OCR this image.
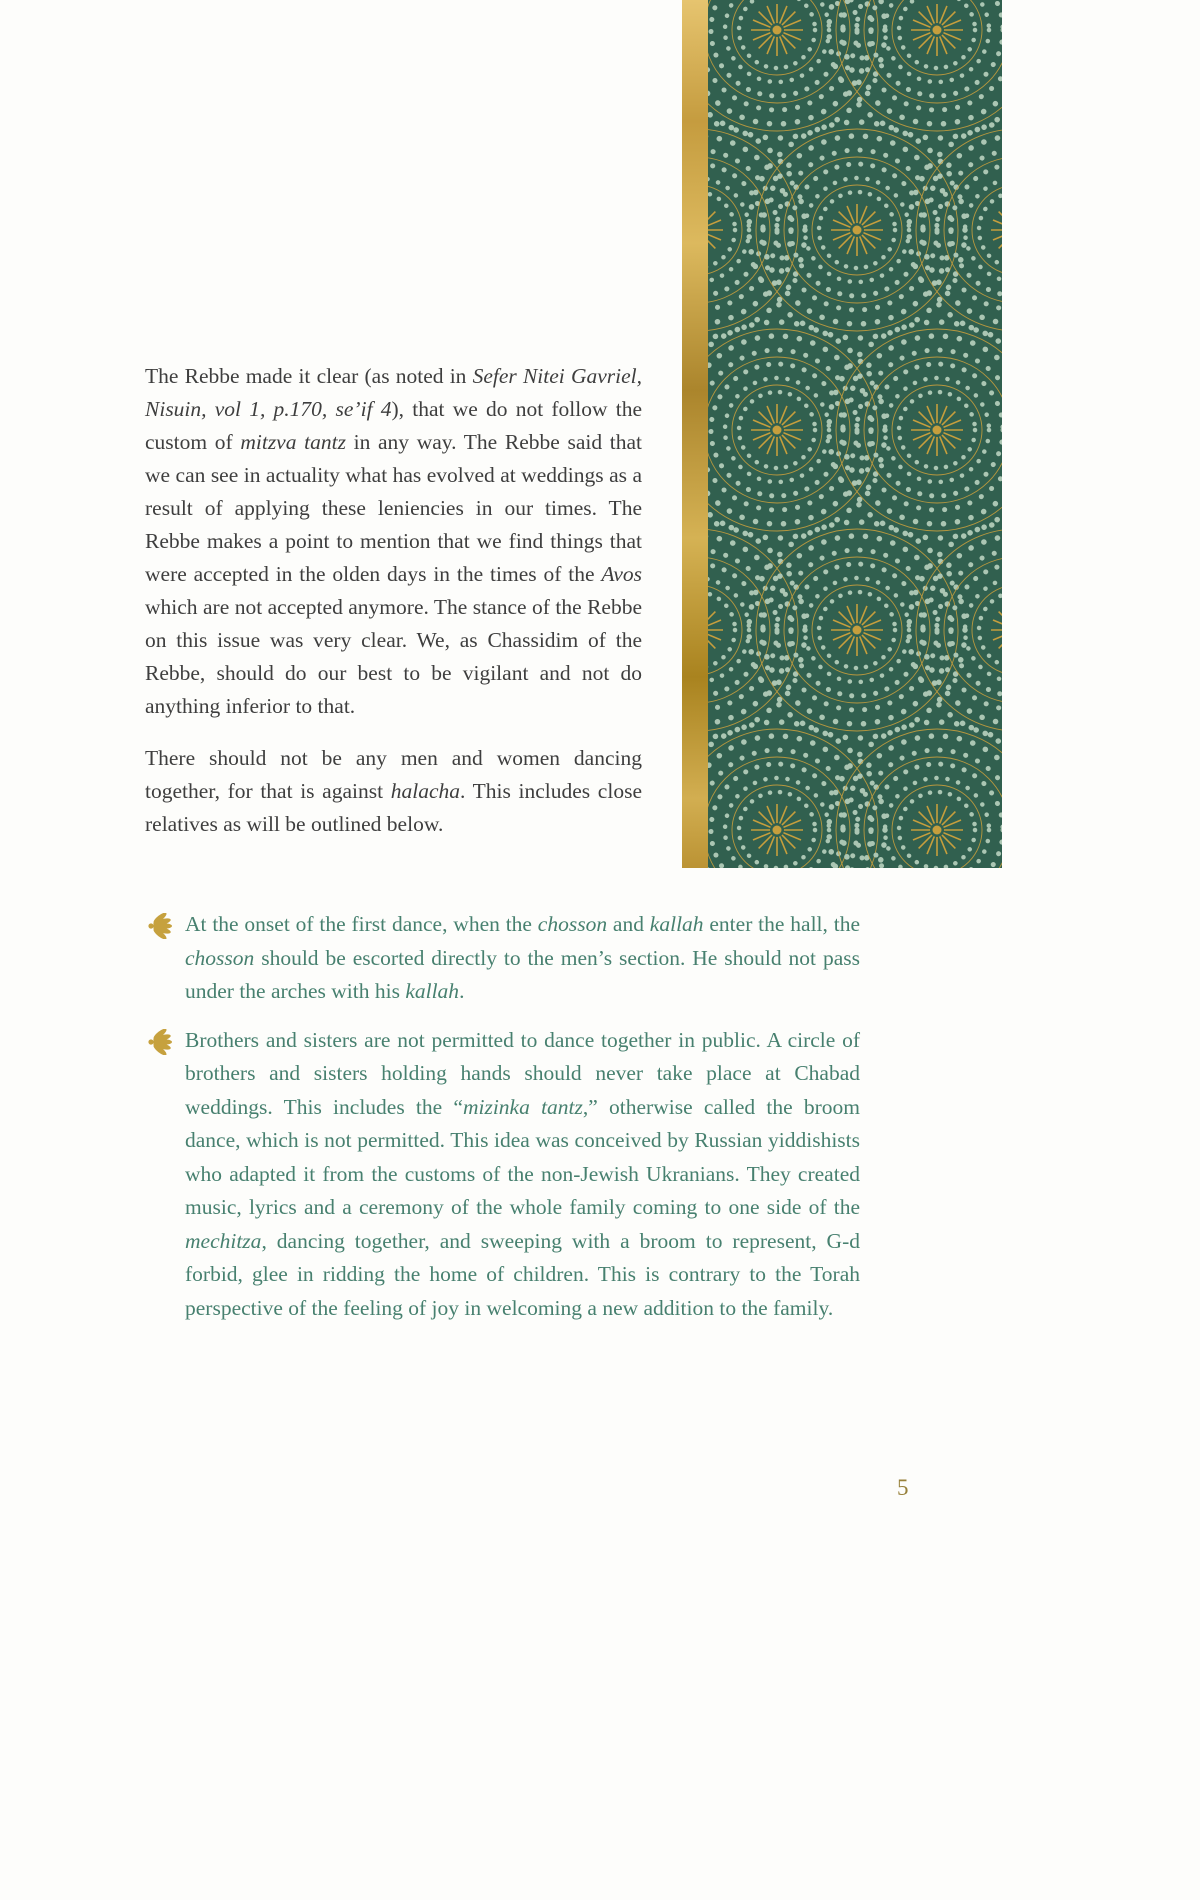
The Rebbe made it clear (as noted in Sefer Nitei Gavriel, Nisuin, vol 1, p.170, se’if 4), that we do not follow the custom of mitzva tantz in any way. The Rebbe said that we can see in actuality what has evolved at weddings as a result of applying these leniencies in our times. The Rebbe makes a point to mention that we find things that were accepted in the olden days in the times of the Avos which are not accepted anymore. The stance of the Rebbe on this issue was very clear. We, as Chassidim of the Rebbe, should do our best to be vigilant and not do anything inferior to that.

There should not be any men and women dancing together, for that is against halacha. This includes close relatives as will be outlined below.

At the onset of the first dance, when the chosson and kallah enter the hall, the chosson should be escorted directly to the men’s section. He should not pass under the arches with his kallah.
Brothers and sisters are not permitted to dance together in public. A circle of brothers and sisters holding hands should never take place at Chabad weddings. This includes the “mizinka tantz,” otherwise called the broom dance, which is not permitted. This idea was conceived by Russian yiddishists who adapted it from the customs of the non-Jewish Ukranians. They created music, lyrics and a ceremony of the whole family coming to one side of the mechitza, dancing together, and sweeping with a broom to represent, G-d forbid, glee in ridding the home of children. This is contrary to the Torah perspective of the feeling of joy in welcoming a new addition to the family.
5
